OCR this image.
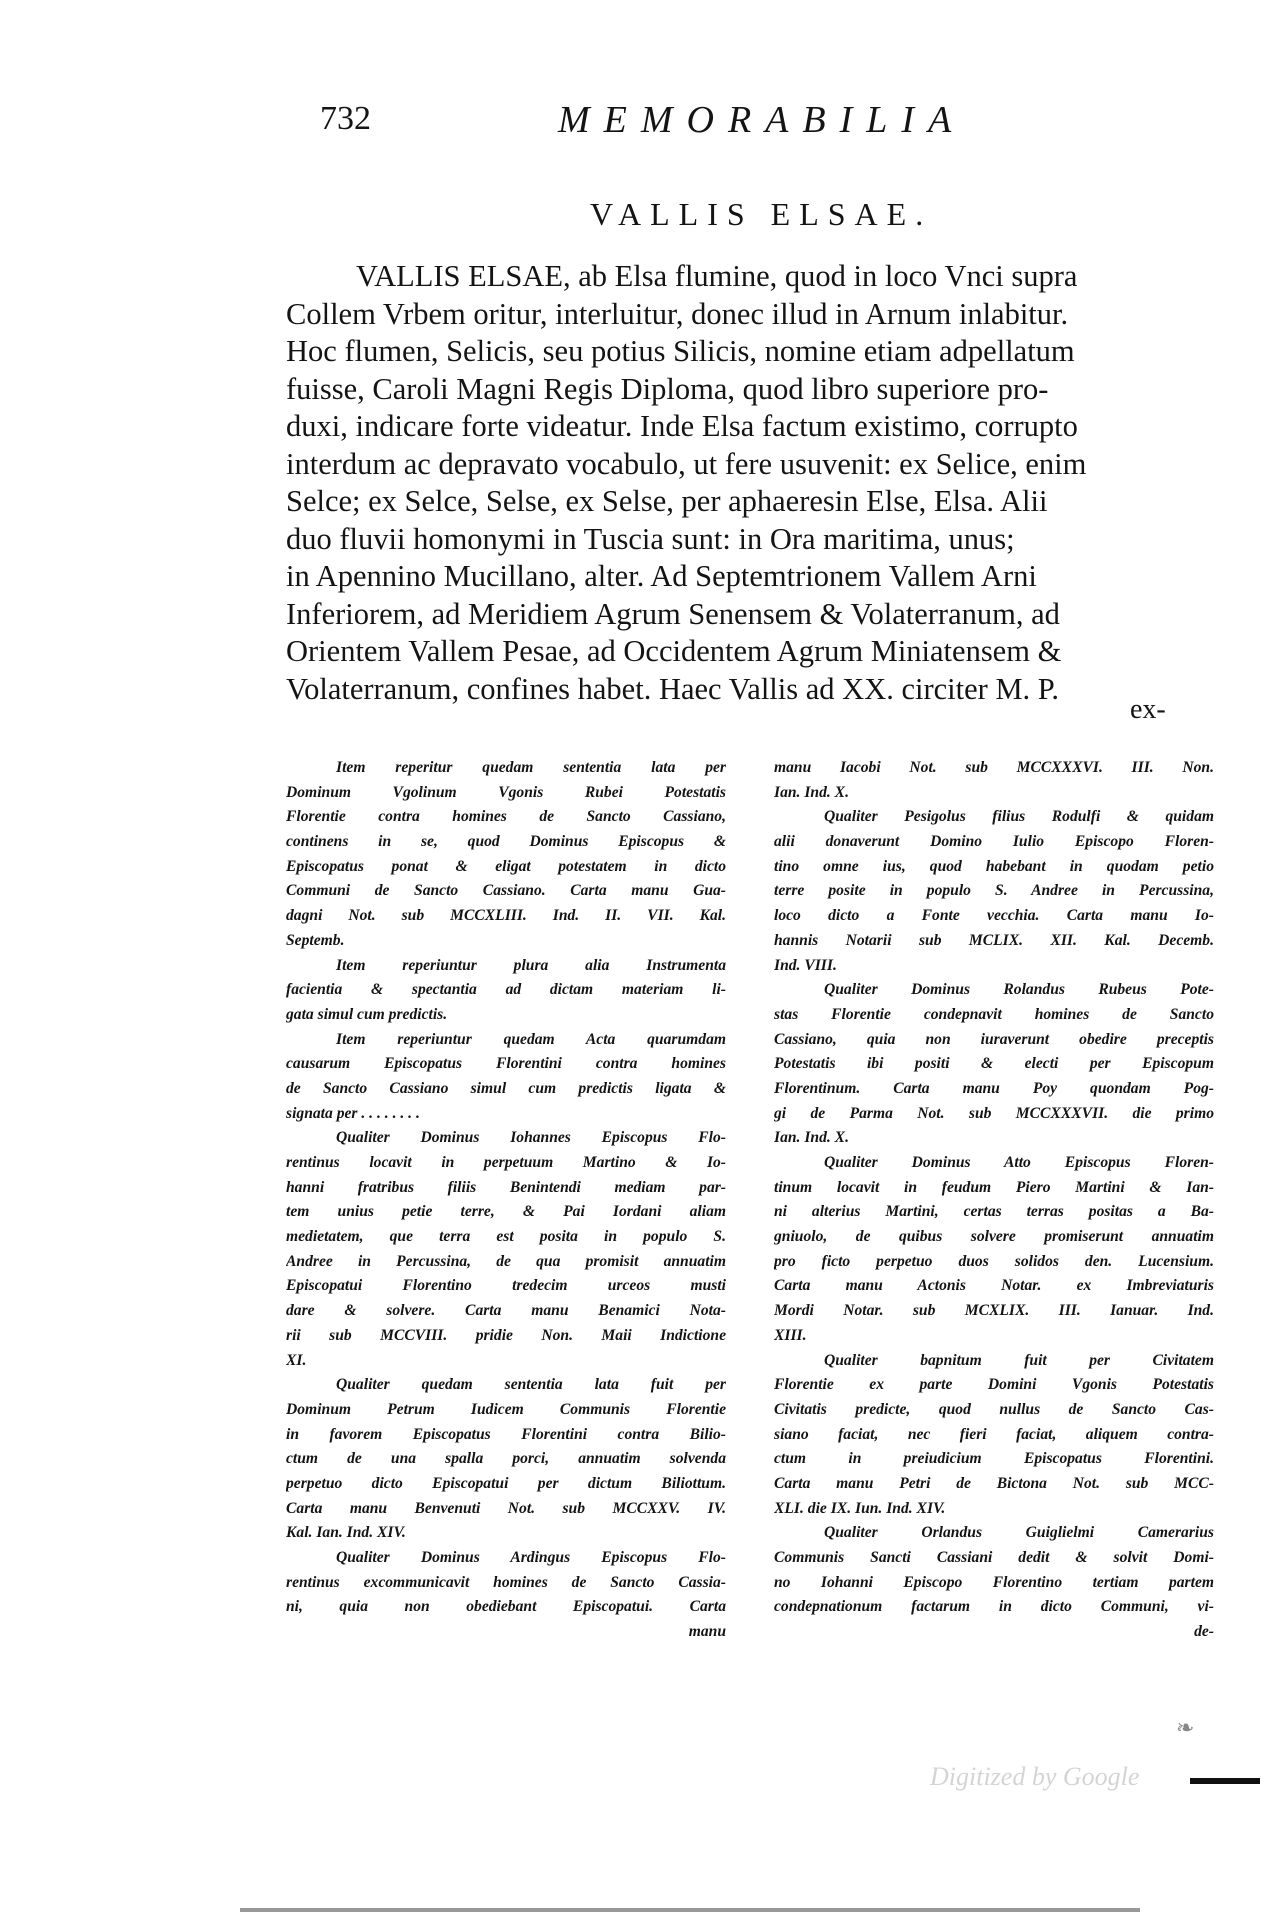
732	MEMORABILIA
VALLIS ELSAE.
VALLIS ELSAE, ab Elsa flumine, quod in loco Vnci supra
Collem Vrbem oritur, interluitur, donec illud in Arnum inlabitur.
Hoc flumen, Selicis, seu potius Silicis, nomine etiam adpellatum
fuisse, Caroli Magni Regis Diploma, quod libro superiore pro-
duxi, indicare forte videatur. Inde Elsa factum existimo, corrupto
interdum ac depravato vocabulo, ut fere usuvenit: ex Selice, enim
Selce; ex Selce, Selse, ex Selse, per aphaeresin Else, Elsa. Alii
duo fluvii homonymi in Tuscia sunt: in Ora maritima, unus;
in Apennino Mucillano, alter. Ad Septemtrionem Vallem Arni
Inferiorem, ad Meridiem Agrum Senensem & Volaterranum, ad
Orientem Vallem Pesae, ad Occidentem Agrum Miniatensem &
Volaterranum, confines habet. Haec Vallis ad XX. circiter M. P.
ex-
Item reperitur quedam sententia lata per
Dominum Vgolinum Vgonis Rubei Potestatis
Florentie contra homines de Sancto Cassiano,
continens in se, quod Dominus Episcopus &
Episcopatus ponat & eligat potestatem in dicto
Communi de Sancto Cassiano. Carta manu Gua-
dagni Not. sub MCCXLIII. Ind. II. VII. Kal.
Septemb.
Item reperiuntur plura alia Instrumenta
facientia & spectantia ad dictam materiam li-
gata simul cum predictis.
Item reperiuntur quedam Acta quarumdam
causarum Episcopatus Florentini contra homines
de Sancto Cassiano simul cum predictis ligata &
signata per . . . . . . . .
Qualiter Dominus Iohannes Episcopus Flo-
rentinus locavit in perpetuum Martino & Io-
hanni fratribus filiis Benintendi mediam par-
tem unius petie terre, & Pai Iordani aliam
medietatem, que terra est posita in populo S.
Andree in Percussina, de qua promisit annuatim
Episcopatui Florentino tredecim urceos musti
dare & solvere. Carta manu Benamici Nota-
rii sub MCCVIII. pridie Non. Maii Indictione
XI.
Qualiter quedam sententia lata fuit per
Dominum Petrum Iudicem Communis Florentie
in favorem Episcopatus Florentini contra Bilio-
ctum de una spalla porci, annuatim solvenda
perpetuo dicto Episcopatui per dictum Biliottum.
Carta manu Benvenuti Not. sub MCCXXV. IV.
Kal. Ian. Ind. XIV.
Qualiter Dominus Ardingus Episcopus Flo-
rentinus excommunicavit homines de Sancto Cassia-
ni, quia non obediebant Episcopatui. Carta
manu
manu Iacobi Not. sub MCCXXXVI. III. Non.
Ian. Ind. X.
Qualiter Pesigolus filius Rodulfi & quidam
alii donaverunt Domino Iulio Episcopo Floren-
tino omne ius, quod habebant in quodam petio
terre posite in populo S. Andree in Percussina,
loco dicto a Fonte vecchia. Carta manu Io-
hannis Notarii sub MCLIX. XII. Kal. Decemb.
Ind. VIII.
Qualiter Dominus Rolandus Rubeus Pote-
stas Florentie condepnavit homines de Sancto
Cassiano, quia non iuraverunt obedire preceptis
Potestatis ibi positi & electi per Episcopum
Florentinum. Carta manu Poy quondam Pog-
gi de Parma Not. sub MCCXXXVII. die primo
Ian. Ind. X.
Qualiter Dominus Atto Episcopus Floren-
tinum locavit in feudum Piero Martini & Ian-
ni alterius Martini, certas terras positas a Ba-
gniuolo, de quibus solvere promiserunt annuatim
pro ficto perpetuo duos solidos den. Lucensium.
Carta manu Actonis Notar. ex Imbreviaturis
Mordi Notar. sub MCXLIX. III. Ianuar. Ind.
XIII.
Qualiter bapnitum fuit per Civitatem
Florentie ex parte Domini Vgonis Potestatis
Civitatis predicte, quod nullus de Sancto Cas-
siano faciat, nec fieri faciat, aliquem contra-
ctum in preiudicium Episcopatus Florentini.
Carta manu Petri de Bictona Not. sub MCC-
XLI. die IX. Iun. Ind. XIV.
Qualiter Orlandus Guiglielmi Camerarius
Communis Sancti Cassiani dedit & solvit Domi-
no Iohanni Episcopo Florentino tertiam partem
condepnationum factarum in dicto Communi, vi-
de-
Digitized by Google
❧
